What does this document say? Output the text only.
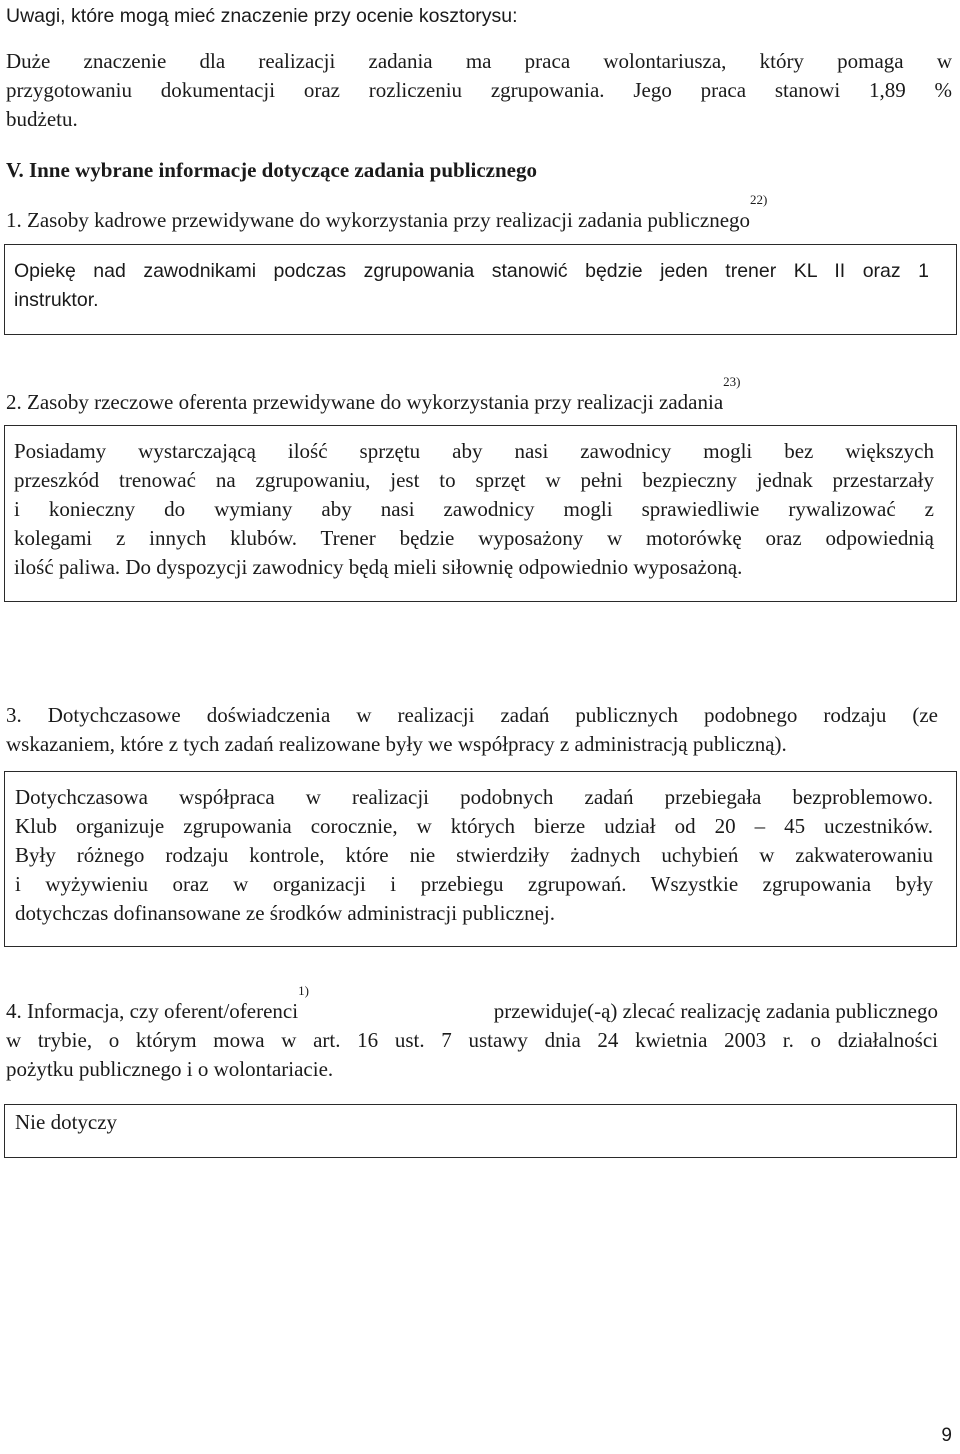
Uwagi, które mogą mieć znaczenie przy ocenie kosztorysu:
Duże znaczenie dla realizacji zadania ma praca wolontariusza, który pomaga w
przygotowaniu dokumentacji oraz rozliczeniu zgrupowania. Jego praca stanowi 1,89 %
budżetu.
V. Inne wybrane informacje dotyczące zadania publicznego
1. Zasoby kadrowe przewidywane do wykorzystania przy realizacji zadania publicznego$^{22)}$
Opiekę nad zawodnikami podczas zgrupowania stanowić będzie jeden trener KL II oraz 1
instruktor.
2. Zasoby rzeczowe oferenta przewidywane do wykorzystania przy realizacji zadania$^{23)}$
Posiadamy wystarczającą ilość sprzętu aby nasi zawodnicy mogli bez większych
przeszkód trenować na zgrupowaniu, jest to sprzęt w pełni bezpieczny jednak przestarzały
i konieczny do wymiany aby nasi zawodnicy mogli sprawiedliwie rywalizować z
kolegami z innych klubów. Trener będzie wyposażony w motorówkę oraz odpowiednią
ilość paliwa. Do dyspozycji zawodnicy będą mieli siłownię odpowiednio wyposażoną.
3. Dotychczasowe doświadczenia w realizacji zadań publicznych podobnego rodzaju (ze
wskazaniem, które z tych zadań realizowane były we współpracy z administracją publiczną).
Dotychczasowa współpraca w realizacji podobnych zadań przebiegała bezproblemowo.
Klub organizuje zgrupowania corocznie, w których bierze udział od 20 – 45 uczestników.
Były różnego rodzaju kontrole, które nie stwierdziły żadnych uchybień w zakwaterowaniu
i wyżywieniu oraz w organizacji i przebiegu zgrupowań. Wszystkie zgrupowania były
dotychczas dofinansowane ze środków administracji publicznej.
4. Informacja, czy oferent/oferenci$^{1)}$
przewiduje(-ą) zlecać realizację zadania publicznego
w trybie, o którym mowa w art. 16 ust. 7 ustawy dnia 24 kwietnia 2003 r. o działalności
pożytku publicznego i o wolontariacie.
Nie dotyczy
9
